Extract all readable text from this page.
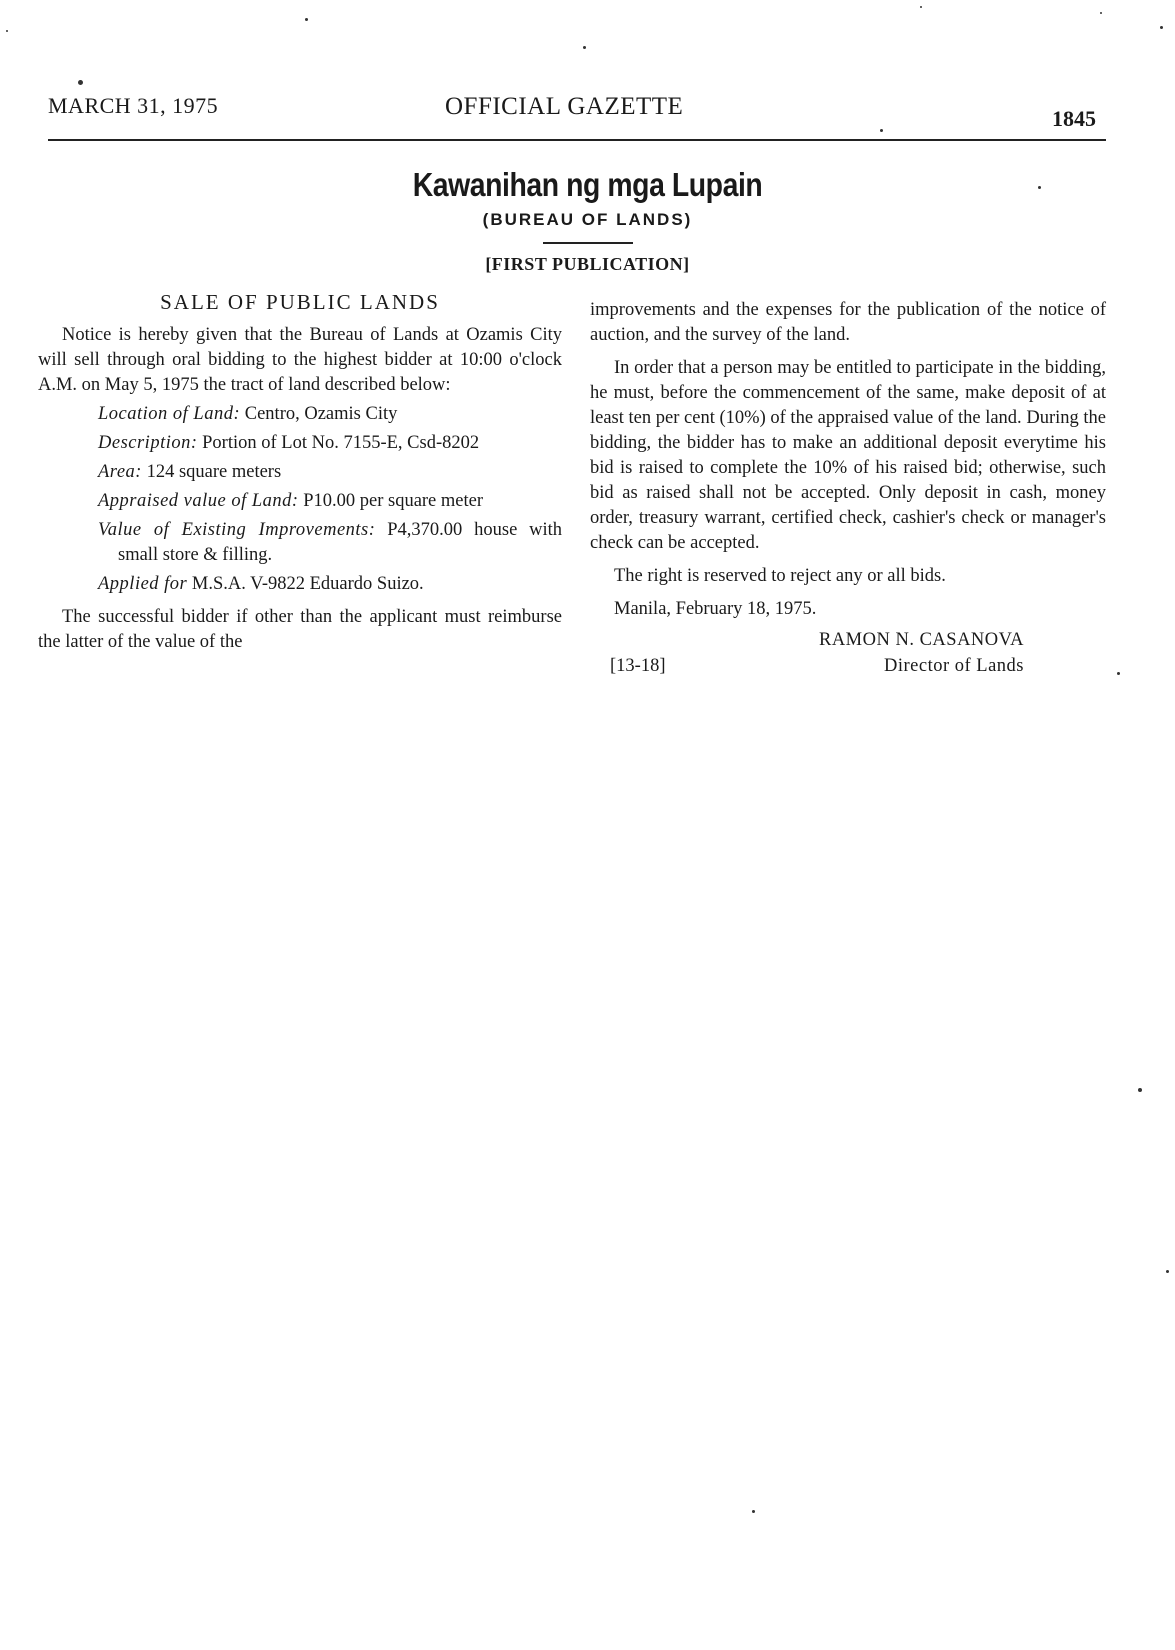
MARCH 31, 1975	OFFICIAL GAZETTE	1845
Kawanihan ng mga Lupain
(BUREAU OF LANDS)
[FIRST PUBLICATION]
SALE OF PUBLIC LANDS

Notice is hereby given that the Bureau of Lands at Ozamis City will sell through oral bidding to the highest bidder at 10:00 o'clock A.M. on May 5, 1975 the tract of land described below:

Location of Land: Centro, Ozamis City
Description: Portion of Lot No. 7155-E, Csd-8202
Area: 124 square meters
Appraised value of Land: P10.00 per square meter
Value of Existing Improvements: P4,370.00 house with small store & filling.
Applied for M.S.A. V-9822 Eduardo Suizo.

The successful bidder if other than the applicant must reimburse the latter of the value of the

improvements and the expenses for the publication of the notice of auction, and the survey of the land.

In order that a person may be entitled to participate in the bidding, he must, before the commencement of the same, make deposit of at least ten per cent (10%) of the appraised value of the land. During the bidding, the bidder has to make an additional deposit everytime his bid is raised to complete the 10% of his raised bid; otherwise, such bid as raised shall not be accepted. Only deposit in cash, money order, treasury warrant, certified check, cashier's check or manager's check can be accepted.

The right is reserved to reject any or all bids.

Manila, February 18, 1975.

RAMON N. CASANOVA
[13-18]	Director of Lands
